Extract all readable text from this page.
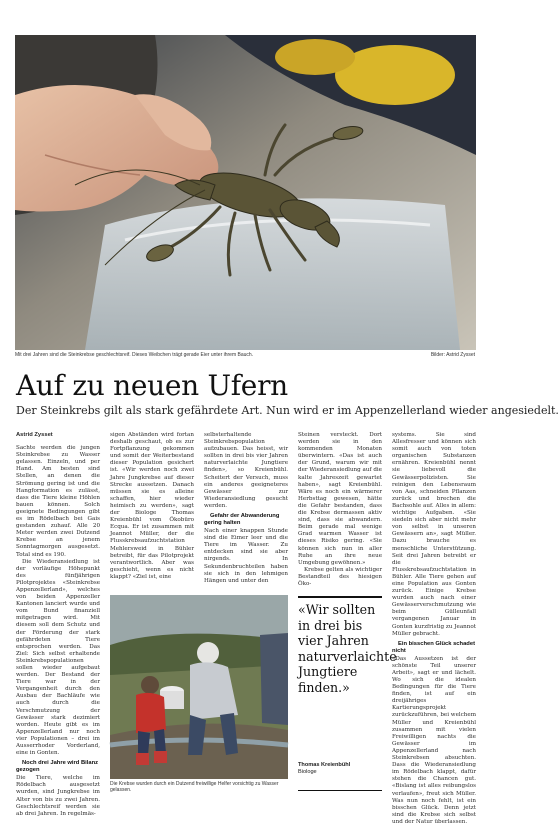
Mit drei Jahren sind die Steinkrebse geschlechtsreif. Dieses Weibchen trägt gerade Eier unter ihrem Bauch.	Bilder: Astrid Zysset
Auf zu neuen Ufern

Der Steinkrebs gilt als stark gefährdete Art. Nun wird er im Appenzellerland wieder angesiedelt.

Astrid Zysset

Sachte werden die jungen Steinkrebse zu Wasser gelassen. Einzeln, und per Hand. Am besten sind Stellen, an denen die Strömung gering ist und die Hangformation es zulässt, dass die Tiere kleine Höhlen bauen können. Solch geeignete Bedingungen gibt es im Rödelbach bei Gais gestanden zuhauf. Alle 20 Meter werden zwei Dutzend Krebse an jenem Sonntagmorgen ausgesetzt. Total sind es 190.

Die Wiederansiedlung ist der vorläufige Höhepunkt des fünfjährigen Pilotprojektes «Steinkrebse Appenzellerland», welches von beiden Appenzeller Kantonen lanciert wurde und vom Bund finanziell mitgetragen wird. Mit diesem soll dem Schutz und der Förderung der stark gefährdeten Tiere entsprochen werden. Das Ziel: Sich selbst erhaltende Steinkrebspopulationen sollen wieder aufgebaut werden. Der Bestand der Tiere war in der Vergangenheit durch den Ausbau der Bachläufe wie auch durch die Verschmutzung der Gewässer stark dezimiert worden. Heute gibt es im Appenzellerland nur noch vier Populationen – drei im Ausserrhoder Vorderland, eine in Gonten.

Noch drei Jahre wird Bilanz gezogen

Die Tiere, welche im Rödelbach ausgesetzt wurden, sind Jungkrebse im Alter von bis zu zwei Jahren. Geschlechtsreif werden sie ab drei Jahren. In regelmäs-

sigen Abständen wird fortan deshalb geschaut, ob es zur Fortpflanzung gekommen und somit der Weiterbestand dieser Population gesichert ist. «Wir werden noch zwei Jahre Jungkrebse auf dieser Strecke aussetzen. Danach müssen sie es alleine schaffen, hier wieder heimisch zu werden», sagt der Biologe Thomas Kreienbühl vom Ökobüro Ecqua. Er ist zusammen mit Jeannot Müller, der die Flusskrebsaufzuchtstation Mehlersweid in Bühler betreibt, für das Pilotprojekt verantwortlich. Aber was geschieht, wenn es nicht klappt? «Ziel ist, eine

selbsterhaltende Steinkrebspopulation aufzubauen. Das heisst, wir sollten in drei bis vier Jahren naturverlaichte Jungtiere finden», so Kreienbühl. Scheitert der Versuch, muss ein anderes geeigneteres Gewässer zur Wiederansiedlung gesucht werden.

Gefahr der Abwanderung gering halten

Nach einer knappen Stunde sind die Eimer leer und die Tiere im Wasser. Zu entdecken sind sie aber nirgends. In Sekundenbruchteilen haben sie sich in den lehmigen Hängen und unter den

Steinen versteckt. Dort werden sie in den kommenden Monaten überwintern. «Das ist auch der Grund, warum wir mit der Wiederansiedlung auf die kalte Jahreszeit gewartet haben», sagt Kreienbühl. Wäre es noch ein wärmerer Herbsttag gewesen, hätte die Gefahr bestanden, dass die Krebse dermassen aktiv sind, dass sie abwandern. Beim gerade mal wenige Grad warmen Wasser ist dieses Risiko gering. «Sie können sich nun in aller Ruhe an ihre neue Umgebung gewöhnen.»

Krebse gelten als wichtiger Bestandteil des hiesigen Öko-

systems. Sie sind Allesfresser und können sich somit auch von toten organischen Substanzen ernähren. Kreienbühl nennt sie liebevoll die Gewässerpolizisten. Sie reinigen den Lebensraum von Aas, schneiden Pflanzen zurück und brechen die Bachsohle auf. Alles in allem: wichtige Aufgaben. «Sie siedeln sich aber nicht mehr von selbst in unseren Gewässern an», sagt Müller. Dazu brauche es menschliche Unterstützung. Seit drei Jahren betreibt er die Flusskrebsaufzuchtstation in Bühler. Alle Tiere gehen auf eine Population aus Gonten zurück. Einige Krebse wurden auch nach einer Gewässerverschmutzung wie beim Gülleunfall vergangenen Januar in Gonten kurzfristig zu Jeannot Müller gebracht.

Ein bisschen Glück schadet nicht

«Das Aussetzen ist der schönste Teil unserer Arbeit», sagt er und lächelt. Wo sich die idealen Bedingungen für die Tiere finden, ist auf ein dreijähriges Kartierungsprojekt zurückzuführen, bei welchem Müller und Kreienbühl zusammen mit vielen Freiwilligen nachts die Gewässer im Appenzellerland nach Steinkrebsen absuchten. Dass die Wiederansiedlung im Rödelbach klappt, dafür stehen die Chancen gut. «Bislang ist alles reibungslos verlaufen», freut sich Müller. Was nun noch fehlt, ist ein bisschen Glück. Denn jetzt sind die Krebse sich selbst und der Natur überlassen.

Die Krebse wurden durch ein Dutzend freiwillige Helfer vorsichtig zu Wasser gelassen.

«Wir sollten in drei bis vier Jahren naturverlaichte Jungtiere finden.»

Thomas Kreienbühl
Biologe
